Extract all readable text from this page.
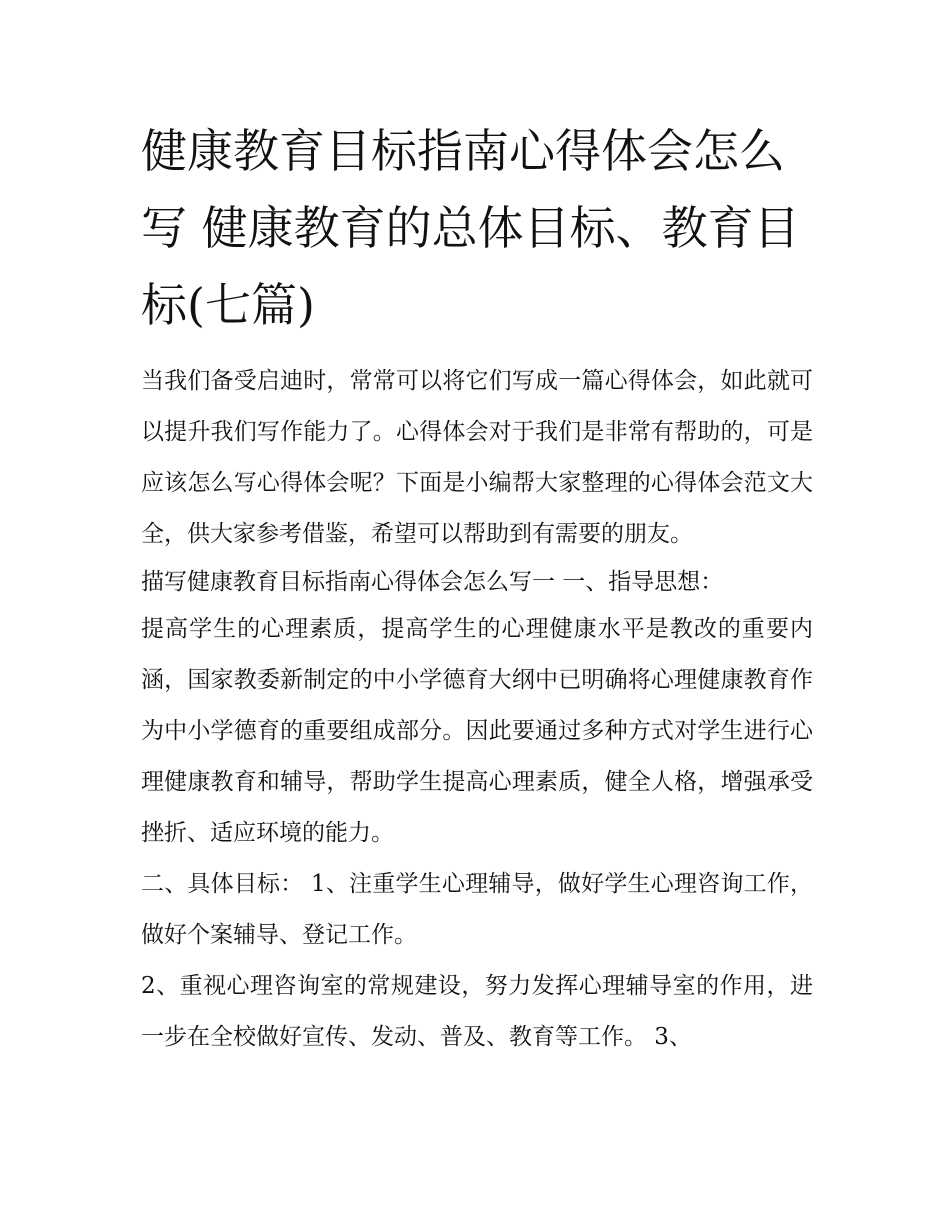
健康教育目标指南心得体会怎么写 健康教育的总体目标、教育目标(七篇)

当我们备受启迪时，常常可以将它们写成一篇心得体会，如此就可以提升我们写作能力了。心得体会对于我们是非常有帮助的，可是应该怎么写心得体会呢？下面是小编帮大家整理的心得体会范文大全，供大家参考借鉴，希望可以帮助到有需要的朋友。

描写健康教育目标指南心得体会怎么写一 一、指导思想：

提高学生的心理素质，提高学生的心理健康水平是教改的重要内涵，国家教委新制定的中小学德育大纲中已明确将心理健康教育作为中小学德育的重要组成部分。因此要通过多种方式对学生进行心理健康教育和辅导，帮助学生提高心理素质，健全人格，增强承受挫折、适应环境的能力。

二、具体目标： 1、注重学生心理辅导，做好学生心理咨询工作，做好个案辅导、登记工作。

2、重视心理咨询室的常规建设，努力发挥心理辅导室的作用，进一步在全校做好宣传、发动、普及、教育等工作。 3、
